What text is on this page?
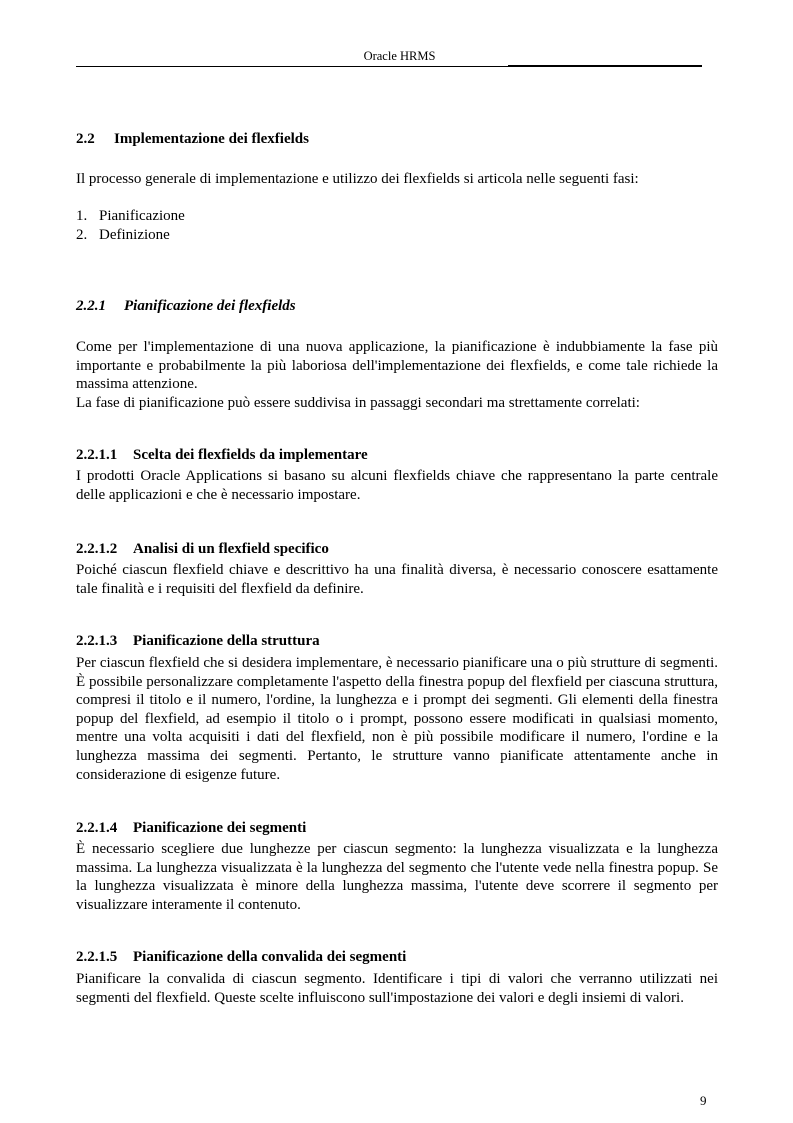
Oracle HRMS
2.2 Implementazione dei flexfields

Il processo generale di implementazione e utilizzo dei flexfields si articola nelle seguenti fasi:

1. Pianificazione
2. Definizione
2.2.1 Pianificazione dei flexfields

Come per l'implementazione di una nuova applicazione, la pianificazione è indubbiamente la fase più importante e probabilmente la più laboriosa dell'implementazione dei flexfields, e come tale richiede la massima attenzione.

La fase di pianificazione può essere suddivisa in passaggi secondari ma strettamente correlati:

2.2.1.1 Scelta dei flexfields da implementare

I prodotti Oracle Applications si basano su alcuni flexfields chiave che rappresentano la parte centrale delle applicazioni e che è necessario impostare.

2.2.1.2 Analisi di un flexfield specifico

Poiché ciascun flexfield chiave e descrittivo ha una finalità diversa, è necessario conoscere esattamente tale finalità e i requisiti del flexfield da definire.

2.2.1.3 Pianificazione della struttura

Per ciascun flexfield che si desidera implementare, è necessario pianificare una o più strutture di segmenti. È possibile personalizzare completamente l'aspetto della finestra popup del flexfield per ciascuna struttura, compresi il titolo e il numero, l'ordine, la lunghezza e i prompt dei segmenti. Gli elementi della finestra popup del flexfield, ad esempio il titolo o i prompt, possono essere modificati in qualsiasi momento, mentre una volta acquisiti i dati del flexfield, non è più possibile modificare il numero, l'ordine e la lunghezza massima dei segmenti. Pertanto, le strutture vanno pianificate attentamente anche in considerazione di esigenze future.

2.2.1.4 Pianificazione dei segmenti

È necessario scegliere due lunghezze per ciascun segmento: la lunghezza visualizzata e la lunghezza massima. La lunghezza visualizzata è la lunghezza del segmento che l'utente vede nella finestra popup. Se la lunghezza visualizzata è minore della lunghezza massima, l'utente deve scorrere il segmento per visualizzare interamente il contenuto.

2.2.1.5 Pianificazione della convalida dei segmenti

Pianificare la convalida di ciascun segmento. Identificare i tipi di valori che verranno utilizzati nei segmenti del flexfield. Queste scelte influiscono sull'impostazione dei valori e degli insiemi di valori.

9
